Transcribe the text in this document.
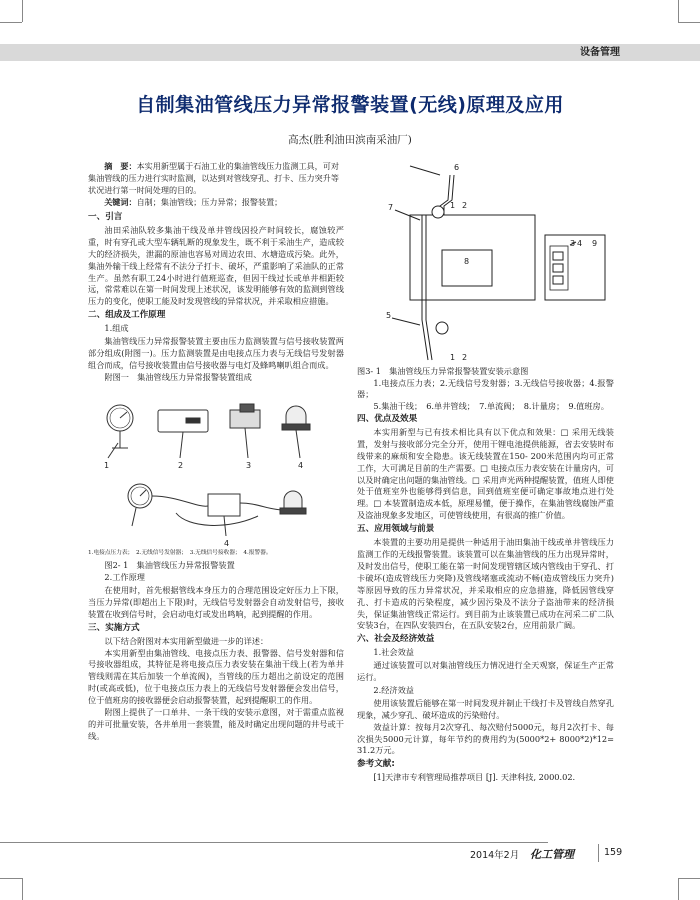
设备管理
自制集油管线压力异常报警装置(无线)原理及应用
高杰(胜利油田滨南采油厂)
摘　要：本实用新型属于石油工业的集油管线压力监测工具，可对集油管线的压力进行实时监测，以达到对管线穿孔、打卡、压力突升等状况进行第一时间处理的目的。
关键词：自制；集油管线；压力异常；报警装置；
一、引言

油田采油队较多集油干线及单井管线因投产时间较长，腐蚀较严重，时有穿孔或大型车辆轧断的现象发生，既不利于采油生产，造成较大的经济损失，泄漏的原油也容易对周边农田、水塘造成污染。此外，集油外输干线上经常有不法分子打卡、破坏，严重影响了采油队的正常生产。虽然有职工24小时进行值班巡查，但因干线过长或单井相距较远，常常难以在第一时间发现上述状况，该发明能够有效的监测到管线压力的变化，使职工能及时发现管线的异常状况，并采取相应措施。

二、组成及工作原理
1.组成

集油管线压力异常报警装置主要由压力监测装置与信号接收装置两部分组成(附图一)。压力监测装置是由电接点压力表与无线信号发射器组合而成，信号接收装置由信号接收器与电灯及蜂鸣喇叭组合而成。

附图一　集油管线压力异常报警装置组成

1	2	3	4
4

1.电接点压力表；　2.无线信号发射器；　3.无线信号接收器；　4.报警器。

图2- 1　集油管线压力异常报警装置

2.工作原理

在使用时，首先根据管线本身压力的合理范围设定好压力上下限，当压力异常(即超出上下限)时，无线信号发射器会自动发射信号，接收装置在收到信号时，会启动电灯或发出鸣响，起到提醒的作用。

三、实施方式

以下结合附图对本实用新型做进一步的详述：

本实用新型由集油管线、电接点压力表、报警器、信号发射器和信号接收器组成，其特征是将电接点压力表安装在集油干线上(若为单井管线则需在其后加装一个单流阀)，当管线的压力超出之前设定的范围时(或高或低)，位于电接点压力表上的无线信号发射器便会发出信号，位于值班房的接收器便会启动报警装置，起到提醒职工的作用。

附图上提供了一口单井、一条干线的安装示意图，对于需重点监视的并可批量安装，各井单用一套装置，能及时确定出现问题的井号或干线。

6
7	1 2
8
3 4 9
5
1 2

图3- 1　集油管线压力异常报警装置安装示意图

1.电接点压力表；2.无线信号发射器；3.无线信号接收器；4.报警器；

5.集油干线；　6.单井管线；　7.单流阀；　8.计量房；　9.值班房。

四、优点及效果

本实用新型与已有技术相比具有以下优点和效果：□ 采用无线装置，发射与接收部分完全分开，使用干锂电池提供能源，省去安装时布线带来的麻烦和安全隐患。该无线装置在150- 200米范围内均可正常工作，大可满足目前的生产需要。□ 电接点压力表安装在计量房内，可以及时确定出问题的集油管线。□ 采用声光两种提醒装置，值班人即使处于值班室外也能够得到信息，回到值班室便可确定事故地点进行处理。□ 本装置制造成本低，原理易懂，便于操作，在集油管线腐蚀严重及盗油现象多发地区，可使管线使用，有很高的推广价值。

五、应用领域与前景

本装置的主要功用是提供一种适用于油田集油干线或单井管线压力监测工作的无线报警装置。该装置可以在集油管线的压力出现异常时，及时发出信号，使职工能在第一时间发现管辖区域内管线由于穿孔、打卡破坏(造成管线压力突降)及管线堵塞或流动不畅(造成管线压力突升)等原因导致的压力异常状况，并采取相应的应急措施，降低因管线穿孔、打卡造成的污染程度，减少因污染及不法分子盗油带来的经济损失，保证集油管线正常运行。到目前为止该装置已成功在河采二矿二队安装3台，在四队安装四台，在五队安装2台，应用前景广阔。

六、社会及经济效益
1.社会效益

通过该装置可以对集油管线压力情况进行全天观察，保证生产正常运行。

2.经济效益

使用该装置后能够在第一时间发现并制止干线打卡及管线自然穿孔现象，减少穿孔、破坏造成的污染赔付。

效益计算：按每月2次穿孔、每次赔付5000元，每月2次打卡、每次损失5000元计算，每年节约的费用约为(5000*2+ 8000*2)*12= 31.2万元。

参考文献:

[1]天津市专利管理局推荐项目 [J]. 天津科技, 2000.02.

2014年2月 化工管理	159
